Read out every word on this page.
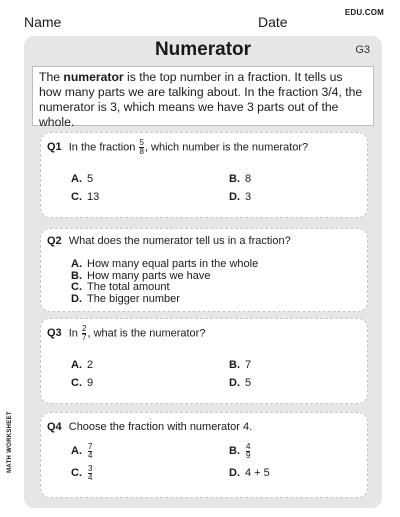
Name	Date
EDU.COM
MATH WORKSHEET
Numerator	G3
The numerator is the top number in a fraction. It tells us how many parts we are talking about. In the fraction 3/4, the numerator is 3, which means we have 3 parts out of the whole.
Q1 In the fraction $\frac{5}{8}$ , which number is the numerator?
A. 5	B. 8
C. 13	D. 3
Q2 What does the numerator tell us in a fraction?
A. How many equal parts in the whole
B. How many parts we have
C. The total amount
D. The bigger number
Q3 In $\frac{2}{7}$ , what is the numerator?
A. 2	B. 7
C. 9	D. 5
Q4 Choose the fraction with numerator 4.
A. $\frac{7}{4}$	B. $\frac{4}{9}$
C. $\frac{3}{4}$	D. 4 + 5
